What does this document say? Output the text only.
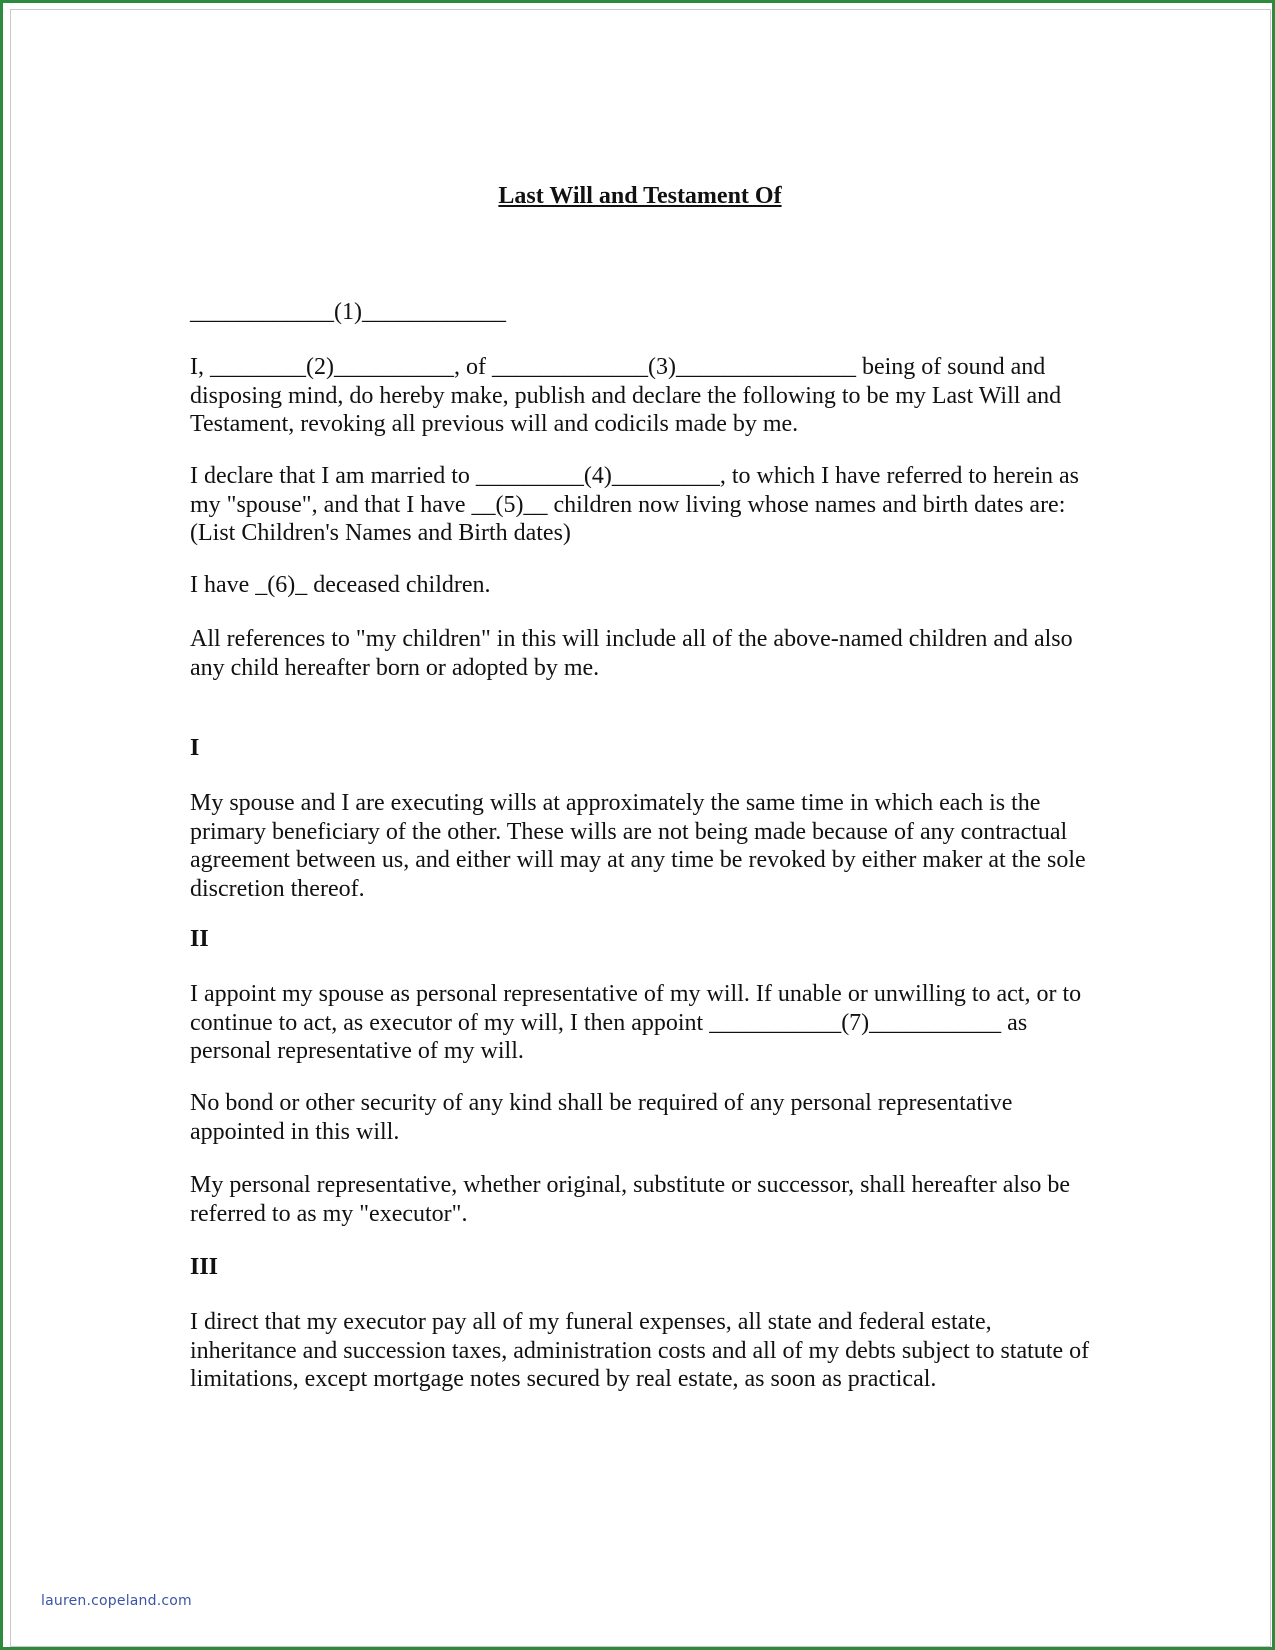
Last Will and Testament Of

____________(1)____________

I, ________(2)__________, of _____________(3)_______________ being of sound and disposing mind, do hereby make, publish and declare the following to be my Last Will and Testament, revoking all previous will and codicils made by me.

I declare that I am married to _________(4)_________, to which I have referred to herein as my "spouse", and that I have __(5)__ children now living whose names and birth dates are: (List Children's Names and Birth dates)

I have _(6)_ deceased children.

All references to "my children" in this will include all of the above-named children and also any child hereafter born or adopted by me.

I

My spouse and I are executing wills at approximately the same time in which each is the primary beneficiary of the other. These wills are not being made because of any contractual agreement between us, and either will may at any time be revoked by either maker at the sole discretion thereof.

II

I appoint my spouse as personal representative of my will. If unable or unwilling to act, or to continue to act, as executor of my will, I then appoint ___________(7)___________ as personal representative of my will.

No bond or other security of any kind shall be required of any personal representative appointed in this will.

My personal representative, whether original, substitute or successor, shall hereafter also be referred to as my "executor".

III

I direct that my executor pay all of my funeral expenses, all state and federal estate, inheritance and succession taxes, administration costs and all of my debts subject to statute of limitations, except mortgage notes secured by real estate, as soon as practical.

lauren.copeland.com
